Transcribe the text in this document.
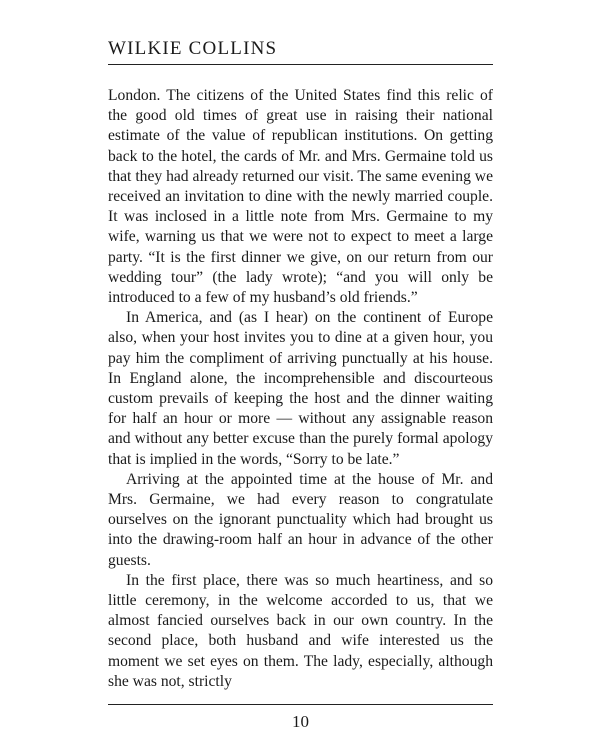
WILKIE COLLINS

London. The citizens of the United States find this relic of the good old times of great use in raising their national estimate of the value of republican institutions. On getting back to the hotel, the cards of Mr. and Mrs. Germaine told us that they had already returned our visit. The same evening we received an invitation to dine with the newly married couple. It was inclosed in a little note from Mrs. Germaine to my wife, warning us that we were not to expect to meet a large party. “It is the first dinner we give, on our return from our wedding tour” (the lady wrote); “and you will only be introduced to a few of my husband’s old friends.”

In America, and (as I hear) on the continent of Europe also, when your host invites you to dine at a given hour, you pay him the compliment of arriving punctually at his house. In England alone, the incomprehensible and discourteous custom prevails of keeping the host and the dinner waiting for half an hour or more — without any assignable reason and without any better excuse than the purely formal apology that is implied in the words, “Sorry to be late.”

Arriving at the appointed time at the house of Mr. and Mrs. Germaine, we had every reason to congratulate ourselves on the ignorant punctuality which had brought us into the drawing-room half an hour in advance of the other guests.

In the first place, there was so much heartiness, and so little ceremony, in the welcome accorded to us, that we almost fancied ourselves back in our own country. In the second place, both husband and wife interested us the moment we set eyes on them. The lady, especially, although she was not, strictly

10
